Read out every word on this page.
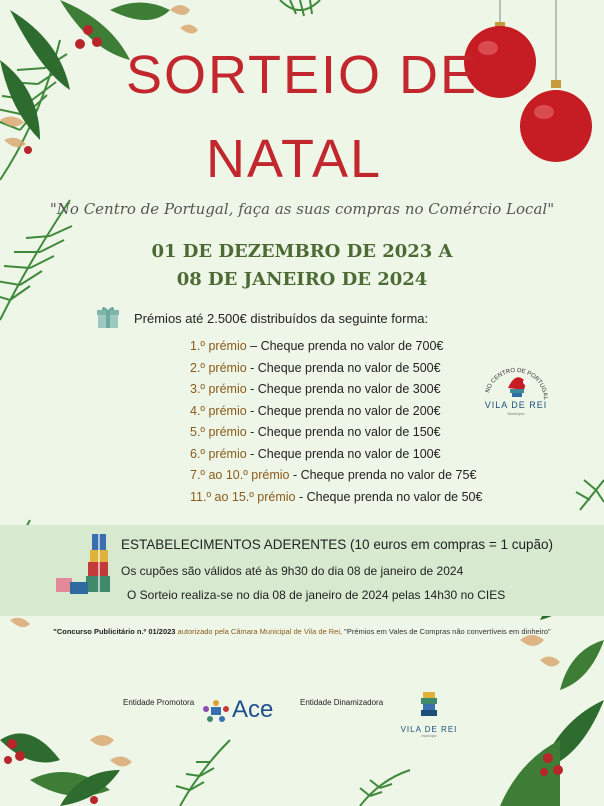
SORTEIO DE
NATAL
"No Centro de Portugal, faça as suas compras no Comércio Local"
01 DE DEZEMBRO DE 2023 A
08 DE JANEIRO DE 2024
Prémios até 2.500€ distribuídos da seguinte forma:
1.º prémio – Cheque prenda no valor de 700€
2.º prémio - Cheque prenda no valor de 500€
3.º prémio - Cheque prenda no valor de 300€
4.º prémio - Cheque prenda no valor de 200€
5.º prémio - Cheque prenda no valor de 150€
6.º prémio - Cheque prenda no valor de 100€
7.º ao 10.º prémio - Cheque prenda no valor de 75€
11.º ao 15.º prémio - Cheque prenda no valor de 50€
NO CENTRO DE PORTUGAL
VILA DE REI
Município
ESTABELECIMENTOS ADERENTES (10 euros em compras = 1 cupão)
Os cupões são válidos até às 9h30 do dia 08 de janeiro de 2024
O Sorteio realiza-se no dia 08 de janeiro de 2024 pelas 14h30 no CIES
"Concurso Publicitário n.º 01/2023 autorizado pela Câmara Municipal de Vila de Rei, "Prémios em Vales de Compras não convertíveis em dinheiro"
Entidade Promotora Ace	Entidade Dinamizadora
VILA DE REI
município
